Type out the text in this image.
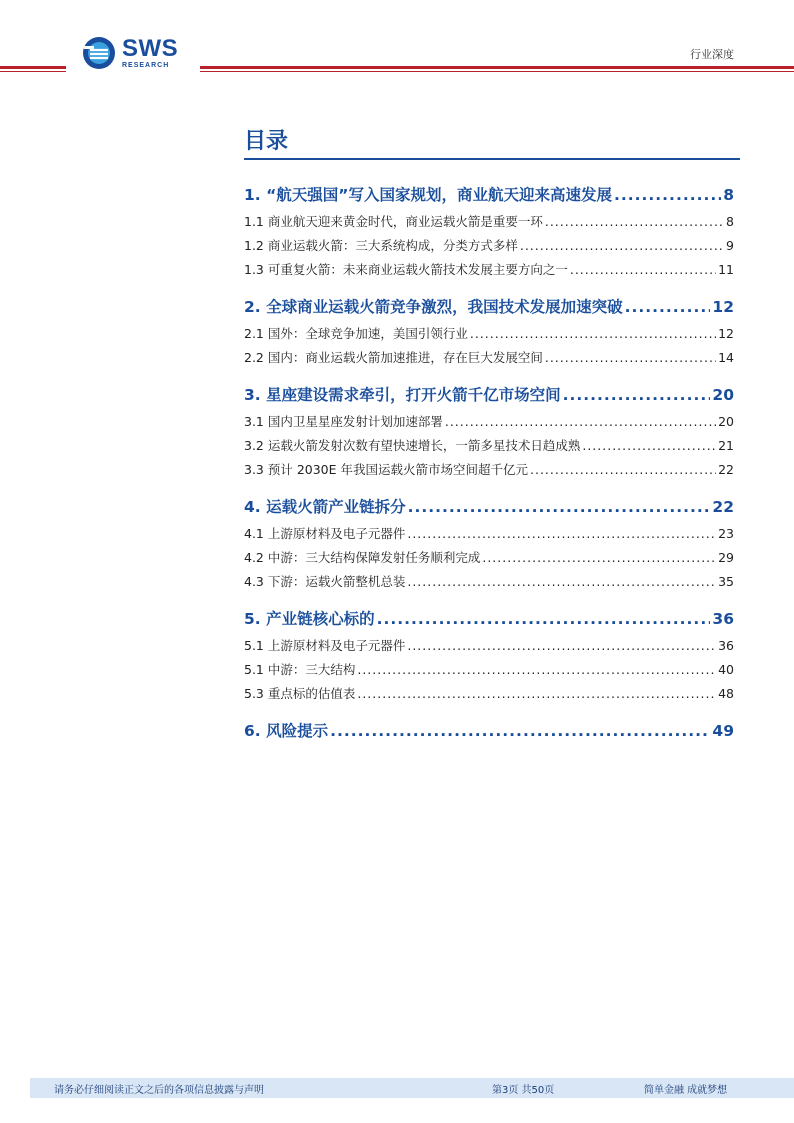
SWS
RESEARCH
行业深度
目录
1. “航天强国”写入国家规划，商业航天迎来高速发展 .....	8
1.1 商业航天迎来黄金时代，商业运载火箭是重要一环 .....	8
1.2 商业运载火箭：三大系统构成，分类方式多样 .....	9
1.3 可重复火箭：未来商业运载火箭技术发展主要方向之一 .....	11
2. 全球商业运载火箭竞争激烈，我国技术发展加速突破 .....	12
2.1 国外：全球竞争加速，美国引领行业 .....	12
2.2 国内：商业运载火箭加速推进，存在巨大发展空间 .....	14
3. 星座建设需求牵引，打开火箭千亿市场空间 .....	20
3.1 国内卫星星座发射计划加速部署 .....	20
3.2 运载火箭发射次数有望快速增长，一箭多星技术日趋成熟 .....	21
3.3 预计 2030E 年我国运载火箭市场空间超千亿元 .....	22
4. 运载火箭产业链拆分 .....	22
4.1 上游原材料及电子元器件 .....	23
4.2 中游：三大结构保障发射任务顺利完成 .....	29
4.3 下游：运载火箭整机总装 .....	35
5. 产业链核心标的 .....	36
5.1 上游原材料及电子元器件 .....	36
5.1 中游：三大结构 .....	40
5.3 重点标的估值表 .....	48
6. 风险提示 .....	49
请务必仔细阅读正文之后的各项信息披露与声明	第3页 共50页	简单金融 成就梦想
